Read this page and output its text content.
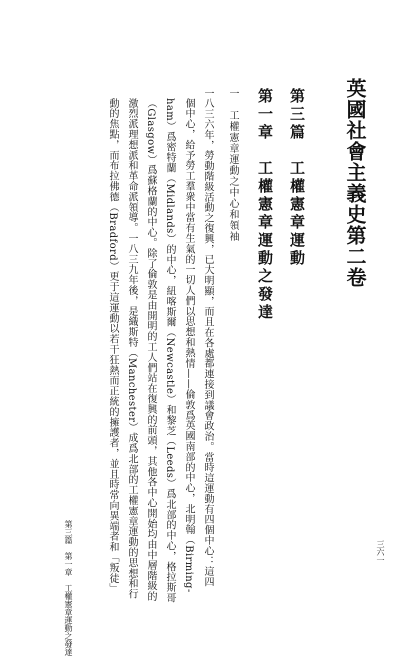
英國社會主義史第二卷
第三篇　工權憲章運動
第一章　工權憲章運動之發達
一　工權憲章運動之中心和領袖
一八三六年，勞動階級活動之復興，已大明顯，而且在各處都連接到議會政治。當時這運動有四個中心：這四
個中心，給予勞工羣衆中當有生氣的一切人們以思想和熱情——倫敦爲英國南部的中心，北明翰（Birming-
ham）爲密特蘭（Midlands）的中心，紐喀斯爾（Newcastle）和黎芝（Leeds）爲北部的中心，格拉斯哥
（Glasgow）爲蘇格蘭的中心。除了倫敦是由開明的工人們站在復興的前頭，其他各中心開始均由中層階級的
激烈派理想派和革命派領導。一八三九年後，是織斯特（Manchester）成爲北部的工權憲章運動的思想和行
動的焦點，而布拉佛德（Bradford）更于這運動以若干狂熱而正統的擁護者，並且時常向異端者和「叛徒」
第三篇　第一章　工權憲章運動之發達	三六一
